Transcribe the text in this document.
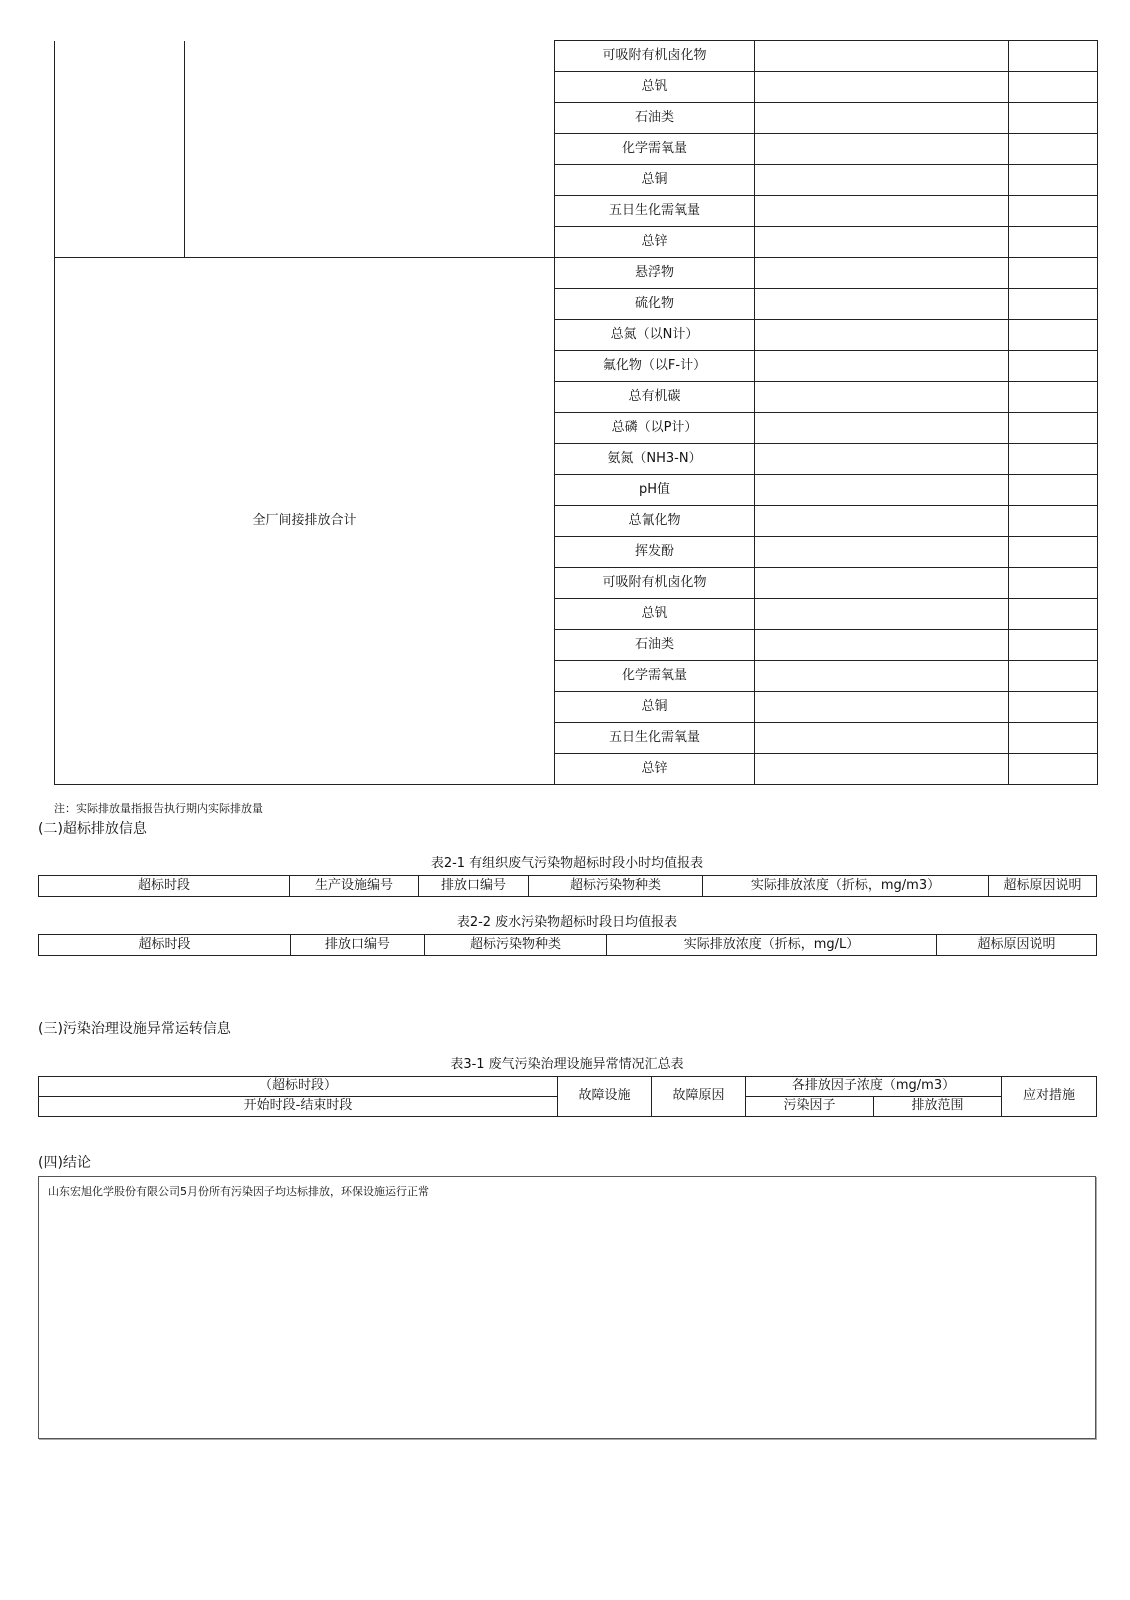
		可吸附有机卤化物		
		总钒		
		石油类		
		化学需氧量		
		总铜		
		五日生化需氧量		
		总锌		
全厂间接排放合计		悬浮物		
		硫化物		
		总氮（以N计）		
		氟化物（以F-计）		
		总有机碳		
		总磷（以P计）		
		氨氮（NH3-N）		
		pH值		
		总氰化物		
		挥发酚		
		可吸附有机卤化物		
		总钒		
		石油类		
		化学需氧量		
		总铜		
		五日生化需氧量		
		总锌		
注：实际排放量指报告执行期内实际排放量
(二)超标排放信息
表2-1 有组织废气污染物超标时段小时均值报表
超标时段	生产设施编号	排放口编号	超标污染物种类	实际排放浓度（折标，mg/m3）	超标原因说明
表2-2 废水污染物超标时段日均值报表
超标时段	排放口编号	超标污染物种类	实际排放浓度（折标，mg/L）	超标原因说明
(三)污染治理设施异常运转信息
表3-1 废气污染治理设施异常情况汇总表
（超标时段）	故障设施	故障原因	各排放因子浓度（mg/m3）		应对措施
开始时段-结束时段			污染因子	排放范围	
(四)结论
山东宏旭化学股份有限公司5月份所有污染因子均达标排放，环保设施运行正常
